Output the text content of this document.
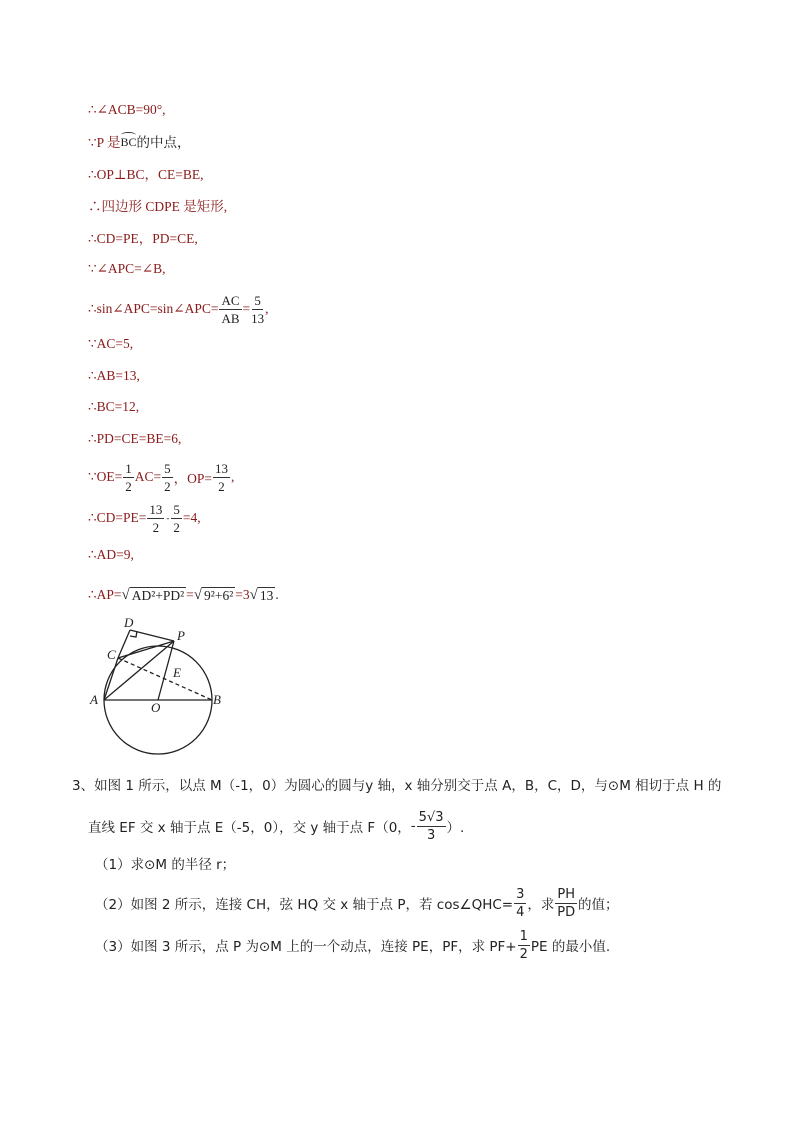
∴∠ACB=90°,
∵P 是 BC 的中点，
∴OP⊥BC，CE=BE,
∴四边形 CDPE 是矩形,
∴CD=PE，PD=CE,
∵∠APC=∠B,
∴sin∠APC=sin∠APC= $\frac{AC}{AB} = \frac{5}{13}$ ,
∵AC=5,
∴AB=13,
∴BC=12,
∴PD=CE=BE=6,
∵OE= $\frac{1}{2} AC= \frac{5}{2}$ ，$OP= \frac{13}{2}$ ,
∴CD=PE= $\frac{13}{2} - \frac{5}{2} =4$,
∴AD=9,
∴AP= √ AD²+PD² = √ 9²+6² =3 √ 13 .
D
P
C
E
A
O
B
3、如图 1 所示，以点 M（-1，0）为圆心的圆与y 轴，x 轴分别交于点 A，B，C，D，与⊙M 相切于点 H 的
直线 EF 交 x 轴于点 E（-5，0），交 y 轴于点 F（0， - $\frac{5√3}{3}$ ）.
（1）求⊙M 的半径 r；
（2）如图 2 所示，连接 CH，弦 HQ 交 x 轴于点 P，若 cos∠QHC= $\frac{3}{4}$ ，求 $\frac{PH}{PD}$ 的值；
（3）如图 3 所示，点 P 为⊙M 上的一个动点，连接 PE，PF，求 $PF+ \frac{1}{2}$ PE 的最小值.
